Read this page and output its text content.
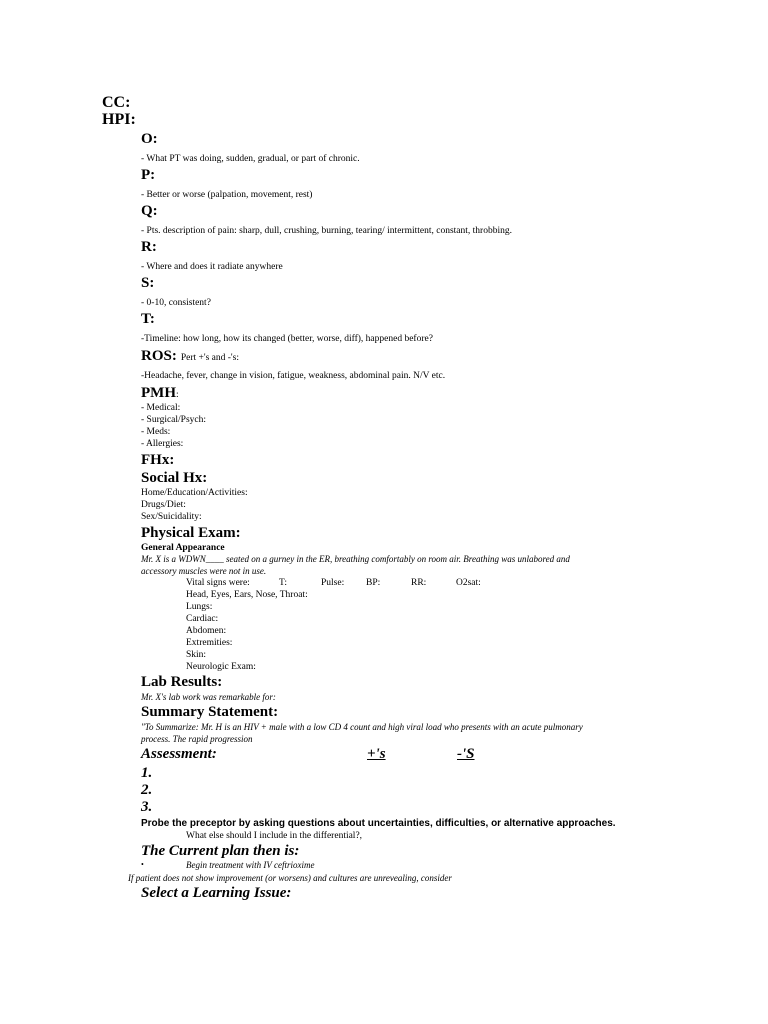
CC:
HPI:
O:
- What PT was doing, sudden, gradual, or part of chronic.
P:
- Better or worse (palpation, movement, rest)
Q:
- Pts. description of pain: sharp, dull, crushing, burning, tearing/ intermittent, constant, throbbing.
R:
- Where and does it radiate anywhere
S:
- 0-10, consistent?
T:
-Timeline: how long, how its changed (better, worse, diff), happened before?
ROS: Pert +'s and -'s:
-Headache, fever, change in vision, fatigue, weakness, abdominal pain. N/V etc.
PMH:
- Medical:
- Surgical/Psych:
- Meds:
- Allergies:
FHx:
Social Hx:
Home/Education/Activities:
Drugs/Diet:
Sex/Suicidality:
Physical Exam:
General Appearance
Mr. X is a WDWN____ seated on a gurney in the ER, breathing comfortably on room air. Breathing was unlabored and
accessory muscles were not in use.
Vital signs were:	T:	Pulse: BP:	RR:	O2sat:
Head, Eyes, Ears, Nose, Throat:
Lungs:
Cardiac:
Abdomen:
Extremities:
Skin:
Neurologic Exam:
Lab Results:
Mr. X's lab work was remarkable for:
Summary Statement:
"To Summarize: Mr. H is an HIV + male with a low CD 4 count and high viral load who presents with an acute pulmonary
process. The rapid progression
Assessment:	+'s	-'S
1.
2.
3.
Probe the preceptor by asking questions about uncertainties, difficulties, or alternative approaches.
What else should I include in the differential?,
The Current plan then is:
•	Begin treatment with IV ceftrioxime
If patient does not show improvement (or worsens) and cultures are unrevealing, consider
Select a Learning Issue:
